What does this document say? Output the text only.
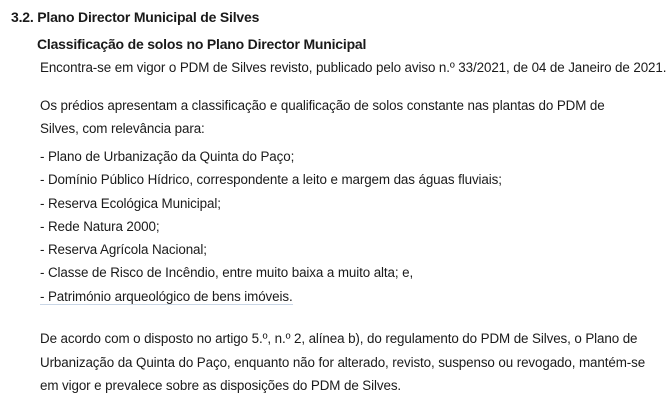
3.2. Plano Director Municipal de Silves
Classificação de solos no Plano Director Municipal

Encontra-se em vigor o PDM de Silves revisto, publicado pelo aviso n.º 33/2021, de 04 de Janeiro de 2021.

Os prédios apresentam a classificação e qualificação de solos constante nas plantas do PDM de Silves, com relevância para:

- Plano de Urbanização da Quinta do Paço;
- Domínio Público Hídrico, correspondente a leito e margem das águas fluviais;
- Reserva Ecológica Municipal;
- Rede Natura 2000;
- Reserva Agrícola Nacional;
- Classe de Risco de Incêndio, entre muito baixa a muito alta; e,
- Património arqueológico de bens imóveis.

De acordo com o disposto no artigo 5.º, n.º 2, alínea b), do regulamento do PDM de Silves, o Plano de Urbanização da Quinta do Paço, enquanto não for alterado, revisto, suspenso ou revogado, mantém-se em vigor e prevalece sobre as disposições do PDM de Silves.
